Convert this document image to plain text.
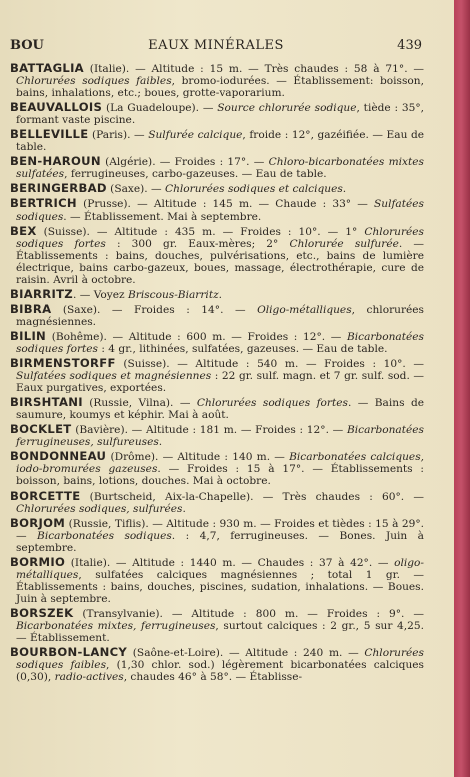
BOU	EAUX MINÉRALES	439
BATTAGLIA (Italie). — Altitude : 15 m. — Très chaudes : 58 à 71°. — Chlorurées sodiques faibles, bromo-iodurées. — Établissement: boisson, bains, inhalations, etc.; boues, grotte-vaporarium.
BEAUVALLOIS (La Guadeloupe). — Source chlorurée sodique, tiède : 35°, formant vaste piscine.
BELLEVILLE (Paris). — Sulfurée calcique, froide : 12°, gazéifiée. — Eau de table.
BEN-HAROUN (Algérie). — Froides : 17°. — Chloro-bicarbonatées mixtes sulfatées, ferrugineuses, carbo-gazeuses. — Eau de table.
BERINGERBAD (Saxe). — Chlorurées sodiques et calciques.
BERTRICH (Prusse). — Altitude : 145 m. — Chaude : 33° — Sulfatées sodiques. — Établissement. Mai à septembre.
BEX (Suisse). — Altitude : 435 m. — Froides : 10°. — 1° Chlorurées sodiques fortes : 300 gr. Eaux-mères; 2° Chlorurée sulfurée. — Établissements : bains, douches, pulvérisations, etc., bains de lumière électrique, bains carbo-gazeux, boues, massage, électrothérapie, cure de raisin. Avril à octobre.
BIARRITZ. — Voyez Briscous-Biarritz.
BIBRA (Saxe). — Froides : 14°. — Oligo-métalliques, chlorurées magnésiennes.
BILIN (Bohême). — Altitude : 600 m. — Froides : 12°. — Bicarbonatées sodiques fortes : 4 gr., lithinées, sulfatées, gazeuses. — Eau de table.
BIRMENSTORFF (Suisse). — Altitude : 540 m. — Froides : 10°. — Sulfatées sodiques et magnésiennes : 22 gr. sulf. magn. et 7 gr. sulf. sod. — Eaux purgatives, exportées.
BIRSHTANI (Russie, Vilna). — Chlorurées sodiques fortes. — Bains de saumure, koumys et képhir. Mai à août.
BOCKLET (Bavière). — Altitude : 181 m. — Froides : 12°. — Bicarbonatées ferrugineuses, sulfureuses.
BONDONNEAU (Drôme). — Altitude : 140 m. — Bicarbonatées calciques, iodo-bromurées gazeuses. — Froides : 15 à 17°. — Établissements : boisson, bains, lotions, douches. Mai à octobre.
BORCETTE (Burtscheid, Aix-la-Chapelle). — Très chaudes : 60°. — Chlorurées sodiques, sulfurées.
BORJOM (Russie, Tiflis). — Altitude : 930 m. — Froides et tièdes : 15 à 29°. — Bicarbonatées sodiques. : 4,7, ferrugineuses. — Bones. Juin à septembre.
BORMIO (Italie). — Altitude : 1440 m. — Chaudes : 37 à 42°. — oligo-métalliques, sulfatées calciques magnésiennes ; total 1 gr. — Établissements : bains, douches, piscines, sudation, inhalations. — Boues. Juin à septembre.
BORSZEK (Transylvanie). — Altitude : 800 m. — Froides : 9°. — Bicarbonatées mixtes, ferrugineuses, surtout calciques : 2 gr., 5 sur 4,25. — Établissement.
BOURBON-LANCY (Saône-et-Loire). — Altitude : 240 m. — Chlorurées sodiques faibles, (1,30 chlor. sod.) légèrement bicarbonatées calciques (0,30), radio-actives, chaudes 46° à 58°. — Établisse-
